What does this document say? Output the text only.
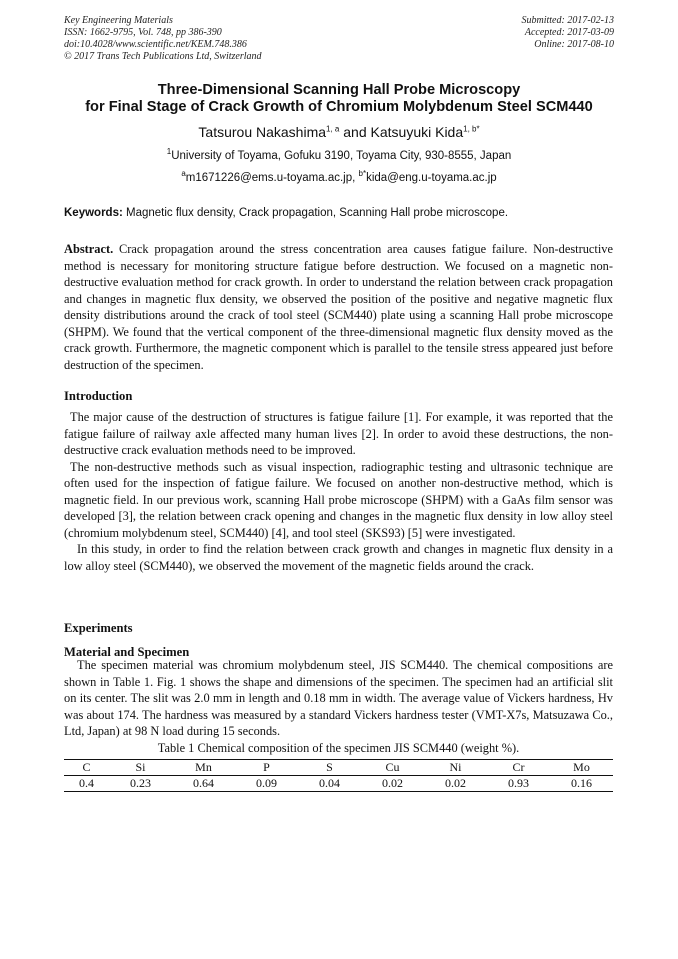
Key Engineering Materials
ISSN: 1662-9795, Vol. 748, pp 386-390
doi:10.4028/www.scientific.net/KEM.748.386
© 2017 Trans Tech Publications Ltd, Switzerland
Submitted: 2017-02-13
Accepted: 2017-03-09
Online: 2017-08-10
Three-Dimensional Scanning Hall Probe Microscopy
for Final Stage of Crack Growth of Chromium Molybdenum Steel SCM440
Tatsurou Nakashima$^{1, a}$ and Katsuyuki Kida$^{1, b*}$
$^1$University of Toyama, Gofuku 3190, Toyama City, 930-8555, Japan
$^a$m1671226@ems.u-toyama.ac.jp, $^{b*}$kida@eng.u-toyama.ac.jp
Keywords: Magnetic flux density, Crack propagation, Scanning Hall probe microscope.

Abstract. Crack propagation around the stress concentration area causes fatigue failure. Non-destructive method is necessary for monitoring structure fatigue before destruction. We focused on a magnetic non-destructive evaluation method for crack growth. In order to understand the relation between crack propagation and changes in magnetic flux density, we observed the position of the positive and negative magnetic flux density distributions around the crack of tool steel (SCM440) plate using a scanning Hall probe microscope (SHPM). We found that the vertical component of the three-dimensional magnetic flux density moved as the crack growth. Furthermore, the magnetic component which is parallel to the tensile stress appeared just before destruction of the specimen.

Introduction

The major cause of the destruction of structures is fatigue failure [1]. For example, it was reported that the fatigue failure of railway axle affected many human lives [2]. In order to avoid these destructions, the non-destructive crack evaluation methods need to be improved.

The non-destructive methods such as visual inspection, radiographic testing and ultrasonic technique are often used for the inspection of fatigue failure. We focused on another non-destructive method, which is magnetic field. In our previous work, scanning Hall probe microscope (SHPM) with a GaAs film sensor was developed [3], the relation between crack opening and changes in the magnetic flux density in low alloy steel (chromium molybdenum steel, SCM440) [4], and tool steel (SKS93) [5] were investigated.

In this study, in order to find the relation between crack growth and changes in magnetic flux density in a low alloy steel (SCM440), we observed the movement of the magnetic fields around the crack.

Experiments
Material and Specimen

The specimen material was chromium molybdenum steel, JIS SCM440. The chemical compositions are shown in Table 1. Fig. 1 shows the shape and dimensions of the specimen. The specimen had an artificial slit on its center. The slit was 2.0 mm in length and 0.18 mm in width. The average value of Vickers hardness, Hv was about 174. The hardness was measured by a standard Vickers hardness tester (VMT-X7s, Matsuzawa Co., Ltd, Japan) at 98 N load during 15 seconds.

Table 1 Chemical composition of the specimen JIS SCM440 (weight %).
C	Si	Mn	P	S	Cu	Ni	Cr	Mo
0.4	0.23	0.64	0.09	0.04	0.02	0.02	0.93	0.16
